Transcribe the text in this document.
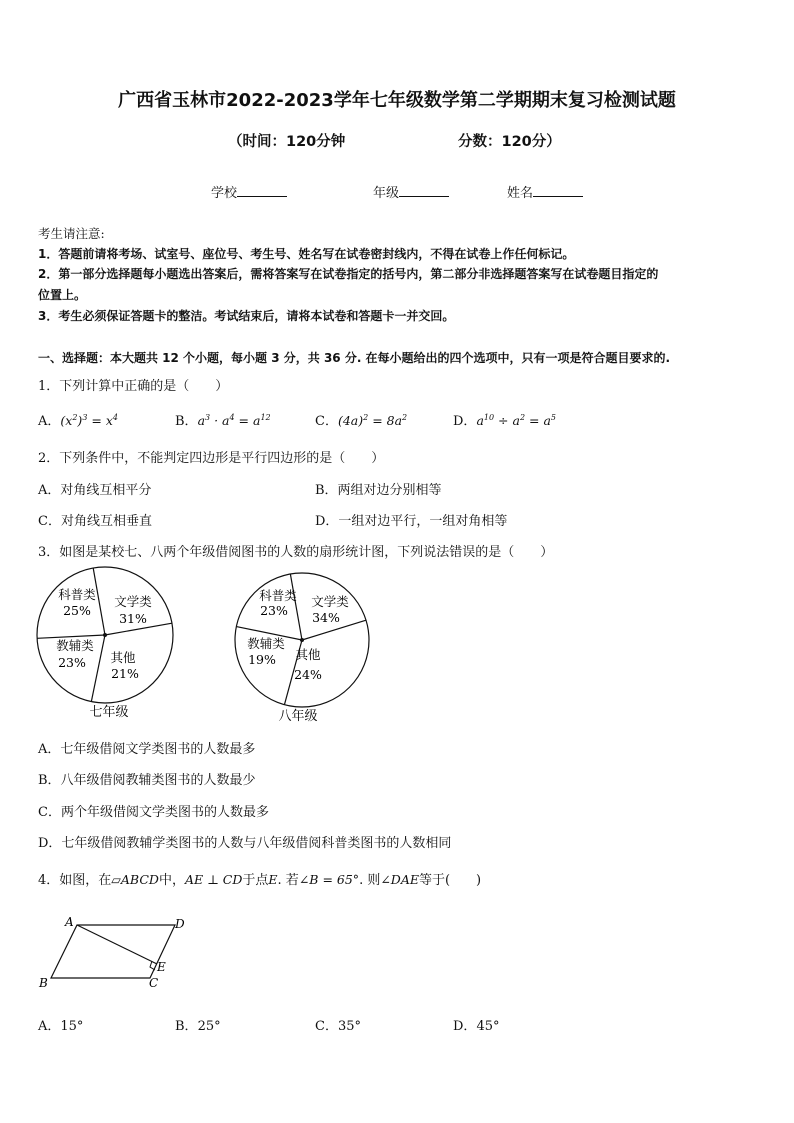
广西省玉林市2022-2023学年七年级数学第二学期期末复习检测试题
（时间：120分钟	分数：120分）
学校	年级	姓名
考生请注意:
1．答题前请将考场、试室号、座位号、考生号、姓名写在试卷密封线内，不得在试卷上作任何标记。
2．第一部分选择题每小题选出答案后，需将答案写在试卷指定的括号内，第二部分非选择题答案写在试卷题目指定的
位置上。
3．考生必须保证答题卡的整洁。考试结束后，请将本试卷和答题卡一并交回。
一、选择题：本大题共 12 个小题，每小题 3 分，共 36 分. 在每小题给出的四个选项中，只有一项是符合题目要求的.
1．下列计算中正确的是（　　）
A．$(x^2)^3 = x^4$	B．$a^3 \cdot a^4 = a^{12}$	C．$(4a)^2 = 8a^2$	D．$a^{10} \div a^2 = a^5$
2．下列条件中，不能判定四边形是平行四边形的是（　　）
A．对角线互相平分	B．两组对边分别相等
C．对角线互相垂直	D．一组对边平行，一组对角相等
3．如图是某校七、八两个年级借阅图书的人数的扇形统计图，下列说法错误的是（　　）
科普类
25%
文学类
31%
教辅类
23% 其他
21%
七年级
科普类
23%
文学类
34%
教辅类
19% 其他
24%
八年级
A．七年级借阅文学类图书的人数最多
B．八年级借阅教辅类图书的人数最少
C．两个年级借阅文学类图书的人数最多
D．七年级借阅教辅学类图书的人数与八年级借阅科普类图书的人数相同
4．如图，在▱ABCD中，AE ⊥ CD于点E. 若∠B = 65°. 则∠DAE等于(　　)
A	D
B	C
E
A．15°	B．25°	C．35°	D．45°
